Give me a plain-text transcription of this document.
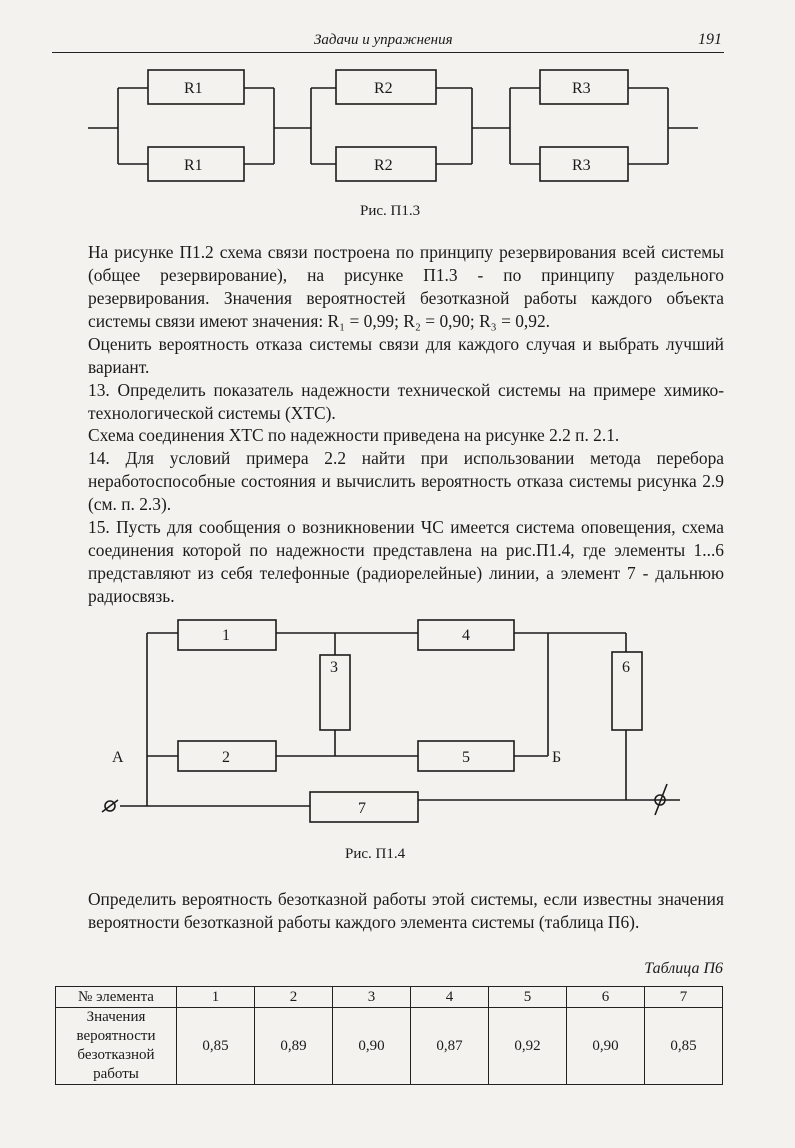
Задачи и упражнения	191
R1	R2	R3
R1	R2	R3
Рис. П1.3

На рисунке П1.2 схема связи построена по принципу резервирования всей системы (общее резервирование), на рисунке П1.3 - по принципу раздельного резервирования. Значения вероятностей безотказной работы каждого объекта системы связи имеют значения: R₁ = 0,99; R₂ = 0,90; R₃ = 0,92.

Оценить вероятность отказа системы связи для каждого случая и выбрать лучший вариант.

13. Определить показатель надежности технической системы на примере химико-технологической системы (ХТС).

Схема соединения ХТС по надежности приведена на рисунке 2.2 п. 2.1.

14. Для условий примера 2.2 найти при использовании метода перебора неработоспособные состояния и вычислить вероятность отказа системы рисунка 2.9 (см. п. 2.3).

15. Пусть для сообщения о возникновении ЧС имеется система оповещения, схема соединения которой по надежности представлена на рис.П1.4, где элементы 1...6 представляют из себя телефонные (радиорелейные) линии, а элемент 7 - дальнюю радиосвязь.

1
2
3
4
5
6
7
А	Б
Рис. П1.4

Определить вероятность безотказной работы этой системы, если известны значения вероятности безотказной работы каждого элемента системы (таблица П6).

Таблица П6
№ элемента	1	2	3	4	5	6	7
Значения вероятности безотказной работы	0,85	0,89	0,90	0,87	0,92	0,90	0,85
